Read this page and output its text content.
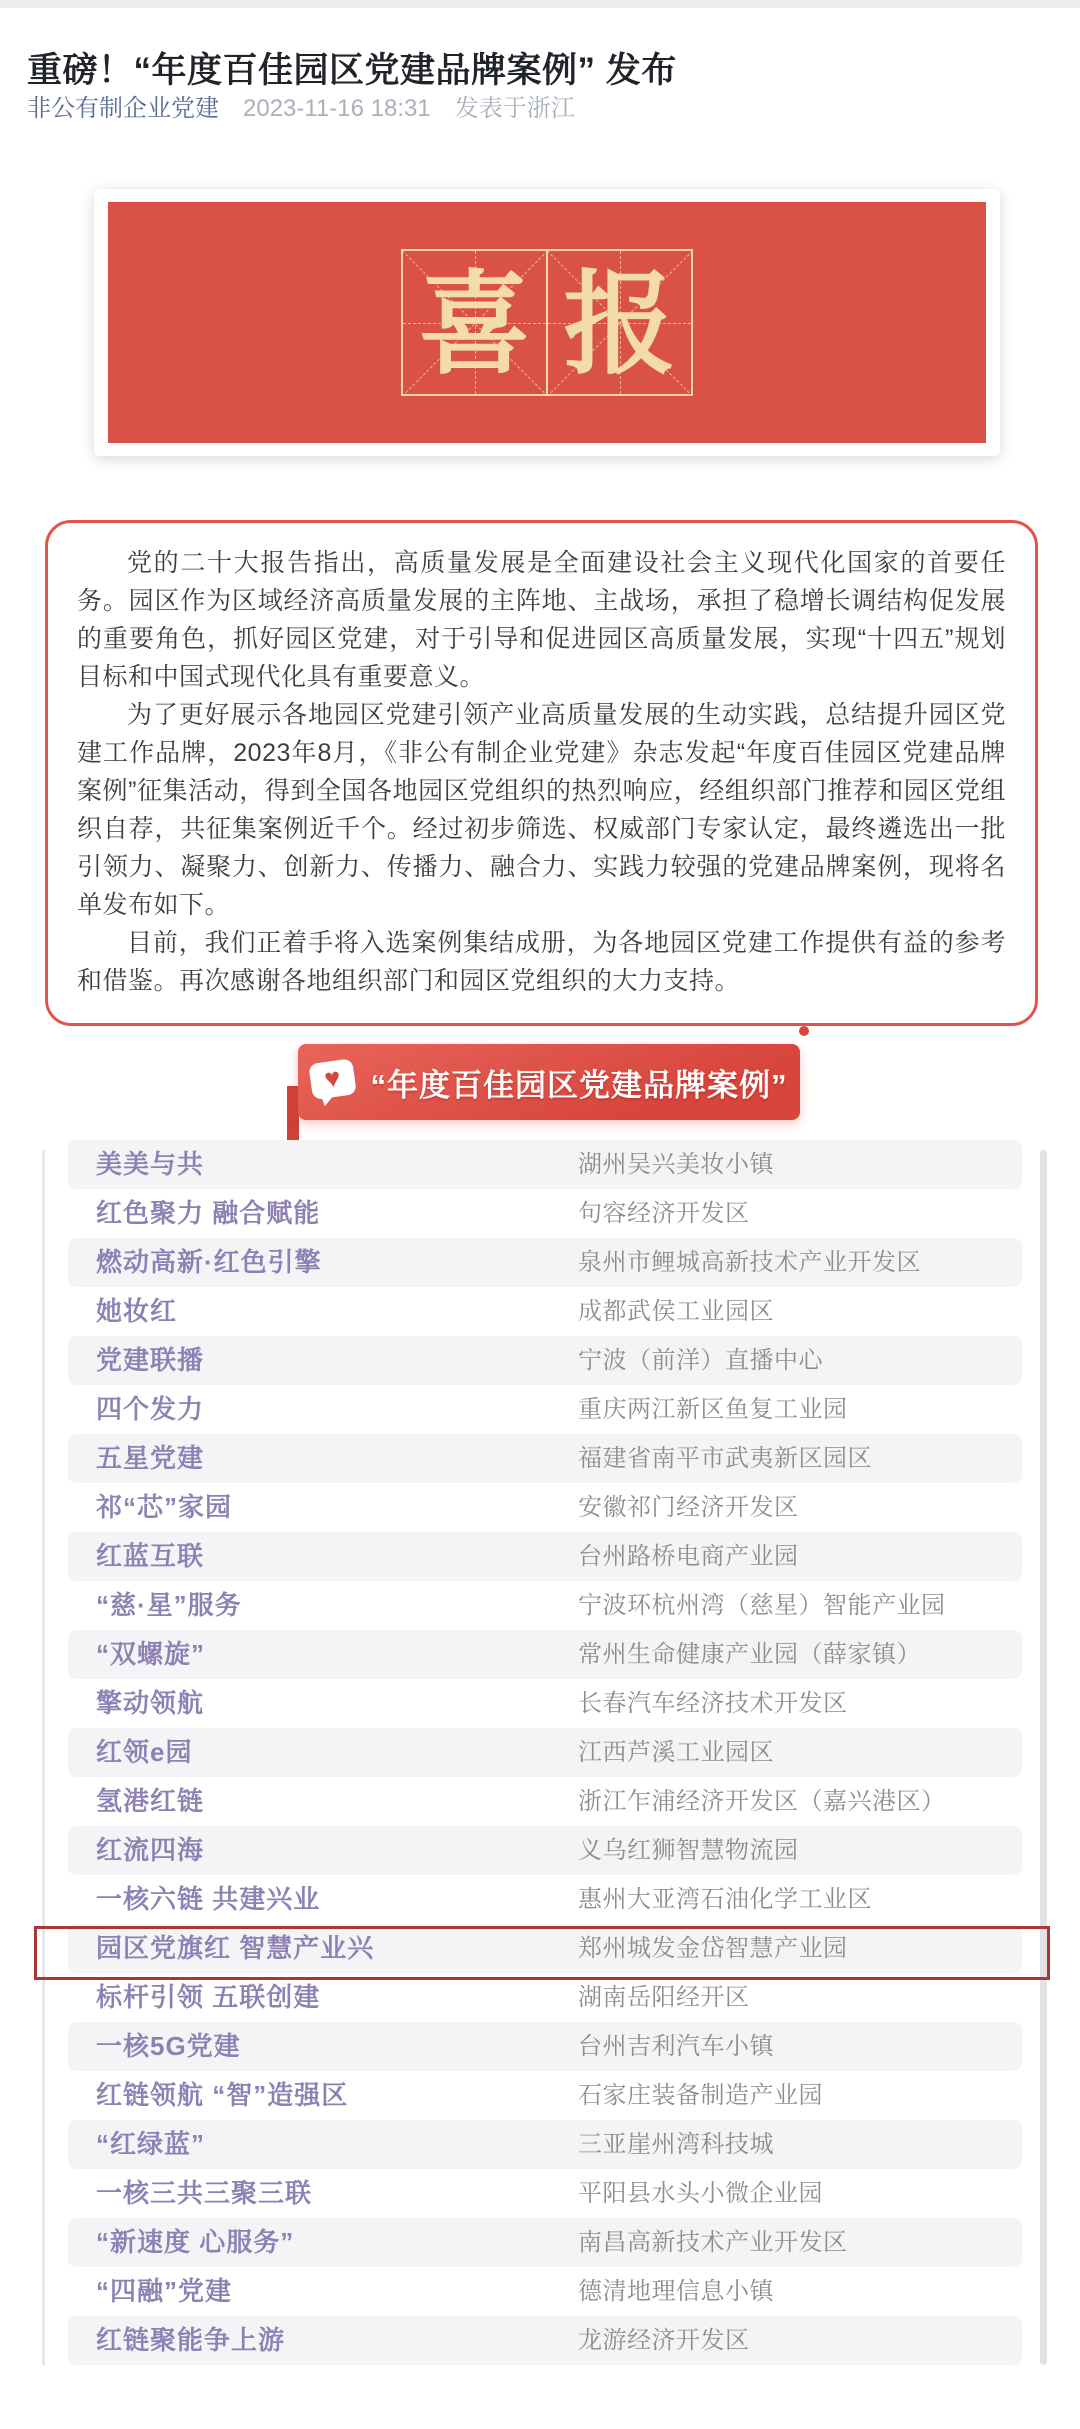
重磅！“年度百佳园区党建品牌案例” 发布
非公有制企业党建 2023-11-16 18:31 发表于浙江
喜 报

党的二十大报告指出，高质量发展是全面建设社会主义现代化国家的首要任务。园区作为区域经济高质量发展的主阵地、主战场，承担了稳增长调结构促发展的重要角色，抓好园区党建，对于引导和促进园区高质量发展，实现“十四五”规划目标和中国式现代化具有重要意义。

为了更好展示各地园区党建引领产业高质量发展的生动实践，总结提升园区党建工作品牌，2023年8月，《非公有制企业党建》杂志发起“年度百佳园区党建品牌案例”征集活动，得到全国各地园区党组织的热烈响应，经组织部门推荐和园区党组织自荐，共征集案例近千个。经过初步筛选、权威部门专家认定，最终遴选出一批引领力、凝聚力、创新力、传播力、融合力、实践力较强的党建品牌案例，现将名单发布如下。

目前，我们正着手将入选案例集结成册，为各地园区党建工作提供有益的参考和借鉴。再次感谢各地组织部门和园区党组织的大力支持。

♥ “年度百佳园区党建品牌案例”
美美与共	湖州吴兴美妆小镇
红色聚力 融合赋能	句容经济开发区
燃动高新·红色引擎	泉州市鲤城高新技术产业开发区
她妆红	成都武侯工业园区
党建联播	宁波（前洋）直播中心
四个发力	重庆两江新区鱼复工业园
五星党建	福建省南平市武夷新区园区
祁“芯”家园	安徽祁门经济开发区
红蓝互联	台州路桥电商产业园
“慈·星”服务	宁波环杭州湾（慈星）智能产业园
“双螺旋”	常州生命健康产业园（薛家镇）
擎动领航	长春汽车经济技术开发区
红领e园	江西芦溪工业园区
氢港红链	浙江乍浦经济开发区（嘉兴港区）
红流四海	义乌红狮智慧物流园
一核六链 共建兴业	惠州大亚湾石油化学工业区
园区党旗红 智慧产业兴	郑州城发金岱智慧产业园
标杆引领 五联创建	湖南岳阳经开区
一核5G党建	台州吉利汽车小镇
红链领航 “智”造强区	石家庄装备制造产业园
“红绿蓝”	三亚崖州湾科技城
一核三共三聚三联	平阳县水头小微企业园
“新速度 心服务”	南昌高新技术产业开发区
“四融”党建	德清地理信息小镇
红链聚能争上游	龙游经济开发区
